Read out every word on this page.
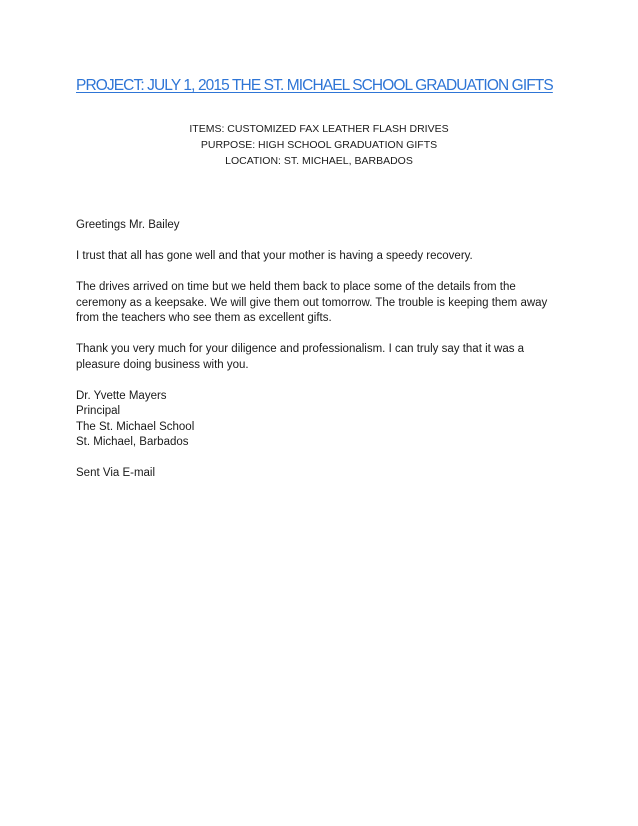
PROJECT: JULY 1, 2015 THE ST. MICHAEL SCHOOL GRADUATION GIFTS
ITEMS: CUSTOMIZED FAX LEATHER FLASH DRIVES
PURPOSE: HIGH SCHOOL GRADUATION GIFTS
LOCATION: ST. MICHAEL, BARBADOS

Greetings Mr. Bailey

I trust that all has gone well and that your mother is having a speedy recovery.

The drives arrived on time but we held them back to place some of the details from the ceremony as a keepsake. We will give them out tomorrow. The trouble is keeping them away from the teachers who see them as excellent gifts.

Thank you very much for your diligence and professionalism. I can truly say that it was a pleasure doing business with you.

Dr. Yvette Mayers
Principal
The St. Michael School
St. Michael, Barbados

Sent Via E-mail
